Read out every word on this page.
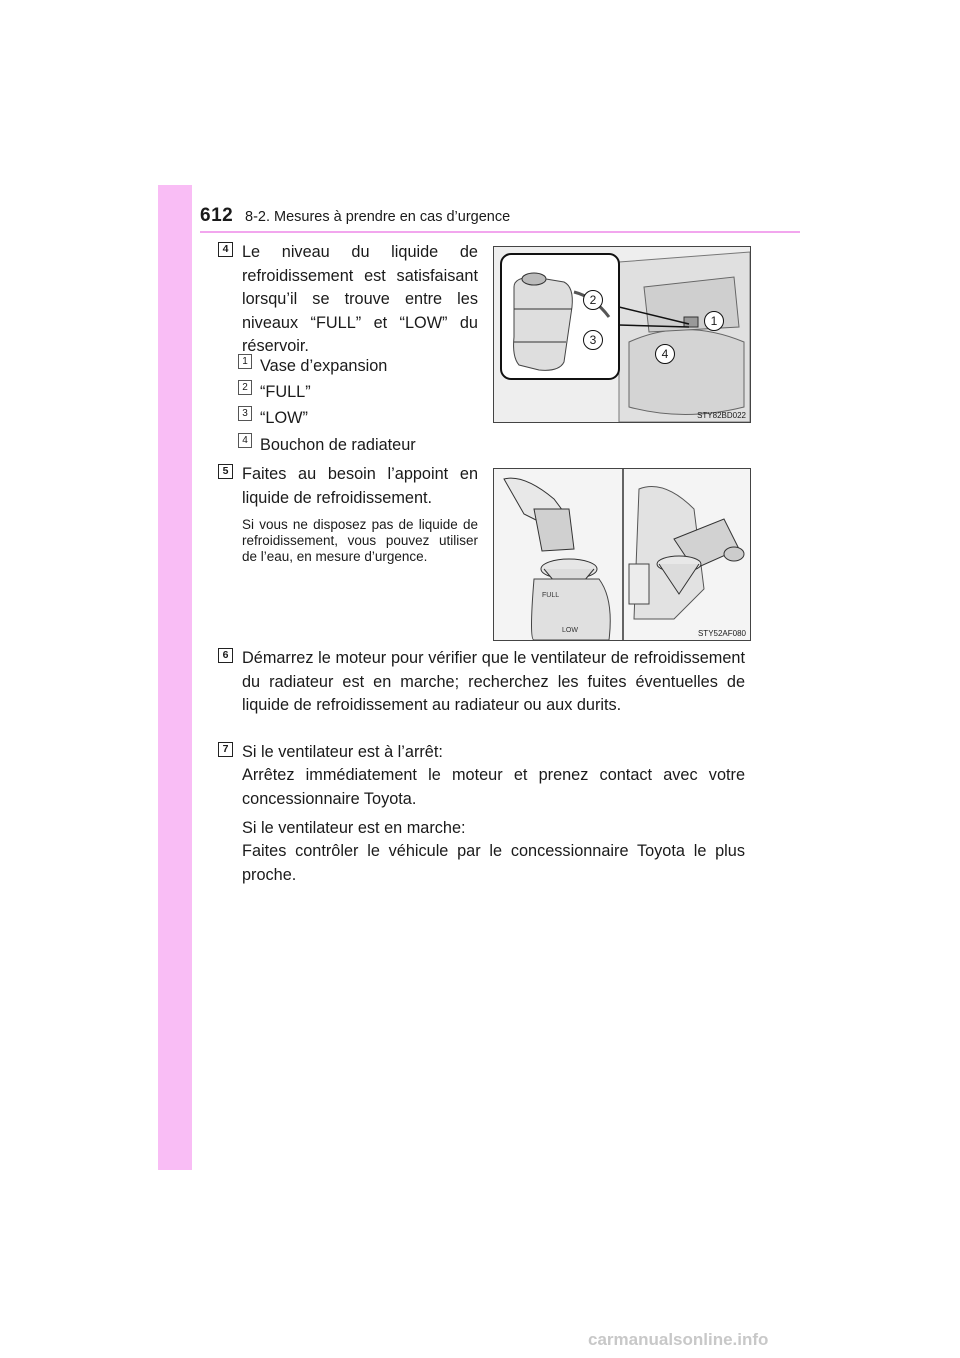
612 8-2. Mesures à prendre en cas d’urgence
4 Le niveau du liquide de refroidissement est satisfaisant lorsqu’il se trouve entre les niveaux “FULL” et “LOW” du réservoir.
1 Vase d’expansion
2 “FULL”
3 “LOW”
4 Bouchon de radiateur
2
3
1
4
STY82BD022
5 Faites au besoin l’appoint en liquide de refroidissement.
Si vous ne disposez pas de liquide de refroidissement, vous pouvez utiliser de l’eau, en mesure d’urgence.
FULL
LOW	STY52AF080
6 Démarrez le moteur pour vérifier que le ventilateur de refroidissement du radiateur est en marche; recherchez les fuites éventuelles de liquide de refroidissement au radiateur ou aux durits.
7 Si le ventilateur est à l’arrêt:
Arrêtez immédiatement le moteur et prenez contact avec votre concessionnaire Toyota.
Si le ventilateur est en marche:
Faites contrôler le véhicule par le concessionnaire Toyota le plus proche.
carmanualsonline.info
